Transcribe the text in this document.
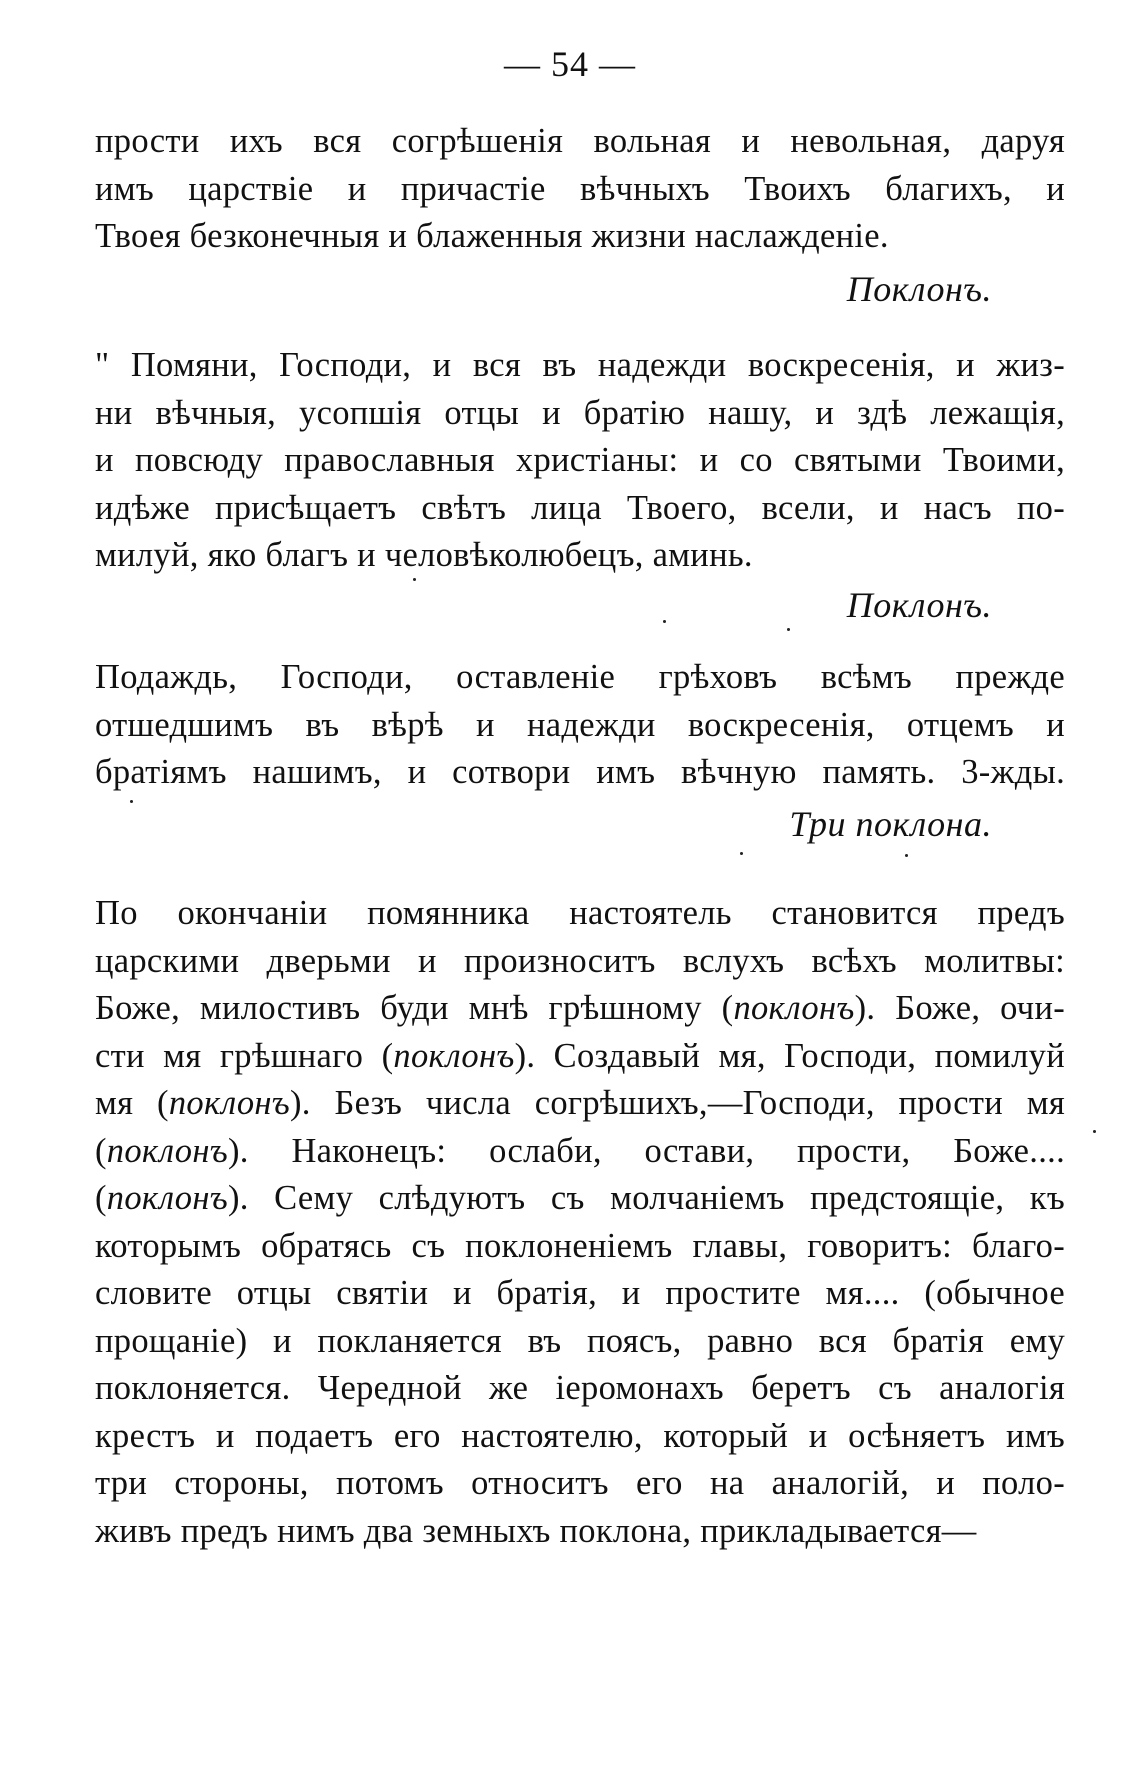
— 54 —
прости ихъ вся согрѣшенія вольная и невольная, даруя
имъ царствіе и причастіе вѣчныхъ Твоихъ благихъ, и
Твоея безконечныя и блаженныя жизни наслажденіе.
Поклонъ.
" Помяни, Господи, и вся въ надежди воскресенія, и жиз-
ни вѣчныя, усопшія отцы и братію нашу, и здѣ лежащія,
и повсюду православныя христіаны: и со святыми Твоими,
идѣже присѣщаетъ свѣтъ лица Твоего, всели, и насъ по-
милуй, яко благъ и человѣколюбецъ, аминь.
Поклонъ.
Подаждь, Господи, оставленіе грѣховъ всѣмъ прежде
отшедшимъ въ вѣрѣ и надежди воскресенія, отцемъ и
братіямъ нашимъ, и сотвори имъ вѣчную память. 3-жды.
Три поклона.
По окончаніи помянника настоятель становится предъ
царскими дверьми и произноситъ вслухъ всѣхъ молитвы:
Боже, милостивъ буди мнѣ грѣшному (поклонъ). Боже, очи-
сти мя грѣшнаго (поклонъ). Создавый мя, Господи, помилуй
мя (поклонъ). Безъ числа согрѣшихъ,—Господи, прости мя
(поклонъ). Наконецъ: ослаби, остави, прости, Боже....
(поклонъ). Сему слѣдуютъ съ молчаніемъ предстоящіе, къ
которымъ обратясь съ поклоненіемъ главы, говоритъ: благо-
словите отцы святіи и братія, и простите мя.... (обычное
прощаніе) и покланяется въ поясъ, равно вся братія ему
поклоняется. Чередной же іеромонахъ беретъ съ аналогія
крестъ и подаетъ его настоятелю, который и осѣняетъ имъ
три стороны, потомъ относитъ его на аналогій, и поло-
живъ предъ нимъ два земныхъ поклона, прикладывается—
